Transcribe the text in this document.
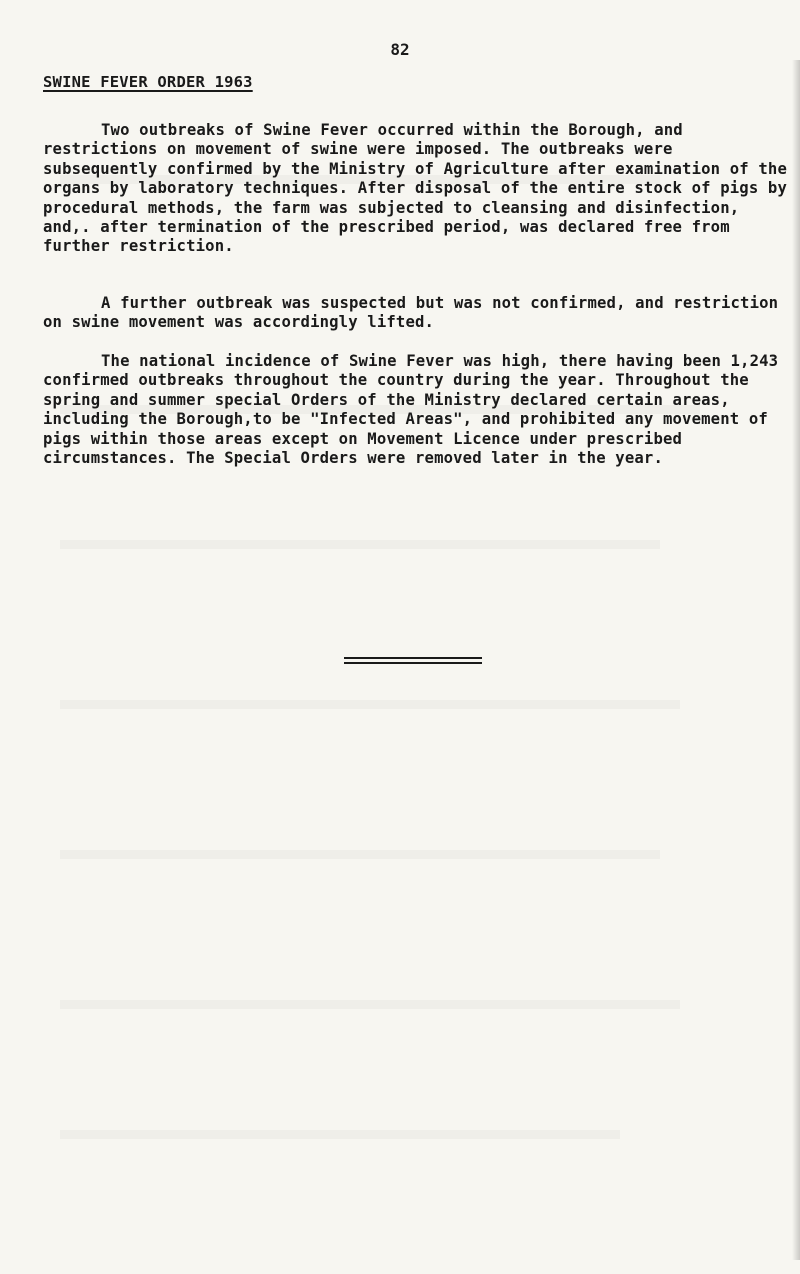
82
SWINE FEVER ORDER 1963

Two outbreaks of Swine Fever occurred within the Borough, and restrictions on movement of swine were imposed. The outbreaks were subsequently confirmed by the Ministry of Agriculture after examination of the organs by laboratory techniques. After disposal of the entire stock of pigs by procedural methods, the farm was subjected to cleansing and disinfection, and,. after termination of the prescribed period, was declared free from further restriction.

A further outbreak was suspected but was not confirmed, and restriction on swine movement was accordingly lifted.

The national incidence of Swine Fever was high, there having been 1,243 confirmed outbreaks throughout the country during the year. Throughout the spring and summer special Orders of the Ministry declared certain areas, including the Borough,to be "Infected Areas", and prohibited any movement of pigs within those areas except on Movement Licence under prescribed circumstances. The Special Orders were removed later in the year.
